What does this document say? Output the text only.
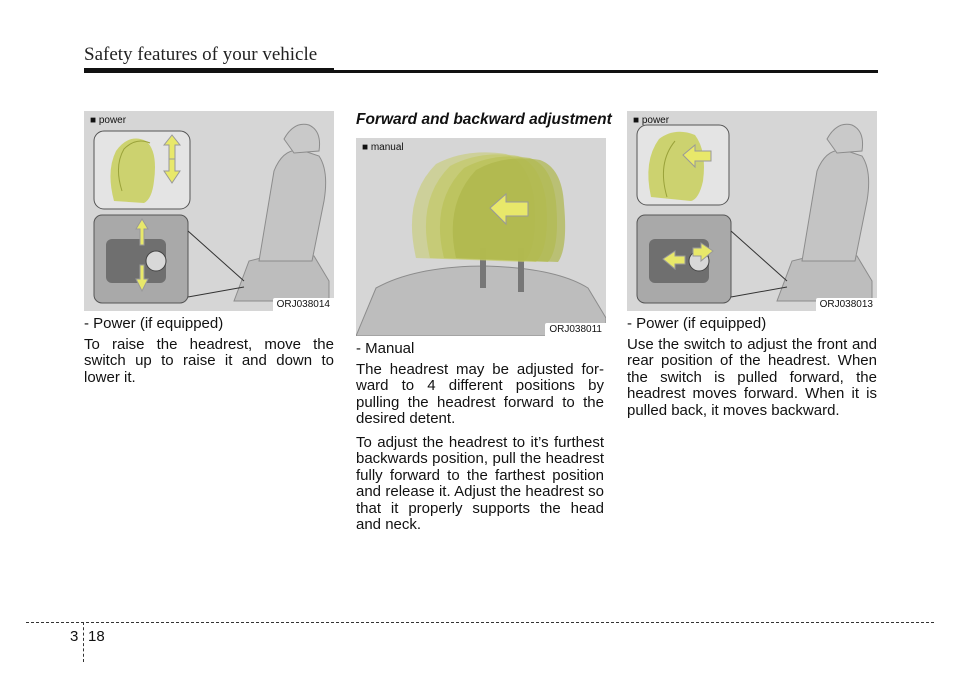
Safety features of your vehicle
■ power
ORJ038014

- Power (if equipped)

To raise the headrest, move the switch up to raise it and down to lower it.

Forward and backward adjustment
■ manual
ORJ038011

- Manual

The headrest may be adjusted for-ward to 4 different positions by pulling the headrest forward to the desired detent.

To adjust the headrest to it’s furthest backwards position, pull the headrest fully forward to the farthest position and release it. Adjust the headrest so that it properly supports the head and neck.

■ power
ORJ038013

- Power (if equipped)

Use the switch to adjust the front and rear position of the headrest. When the switch is pulled forward, the headrest moves forward. When it is pulled back, it moves backward.

3 18
